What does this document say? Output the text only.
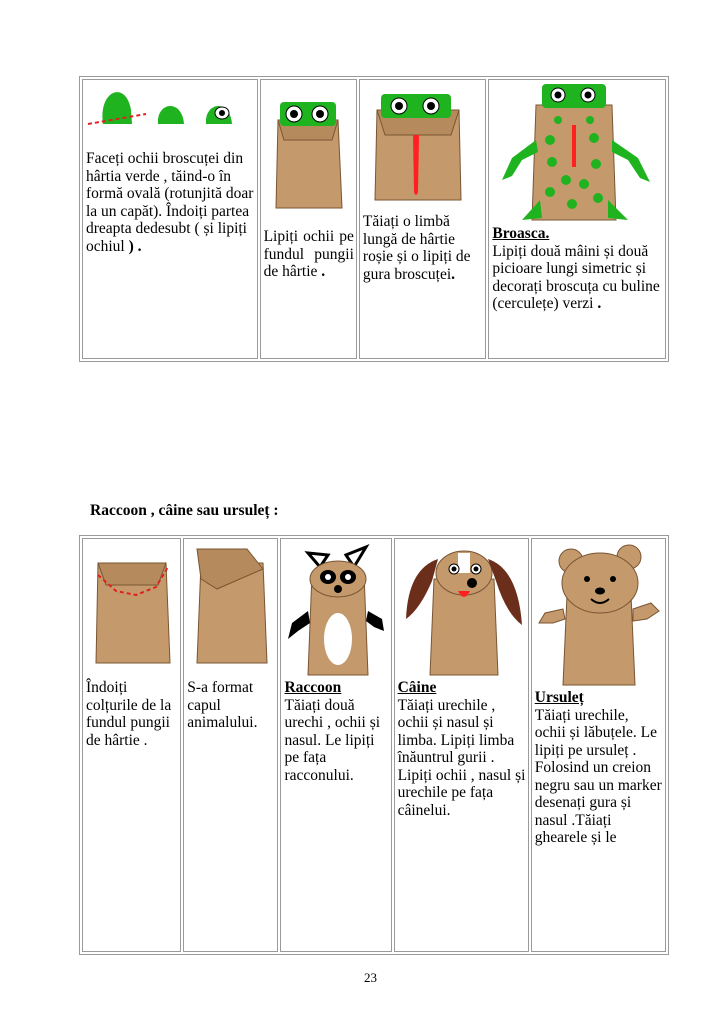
Faceți ochii broscuței din hârtia verde , tăind-o în formă ovală (rotunjită doar la un capăt). Îndoiți partea dreapta dedesubt ( și lipiți ochiul ) .

Lipiți ochii pe fundul pungii de hârtie .

Tăiați o limbă lungă de hârtie roșie și o lipiți de gura broscuței.

Broasca.
Lipiți două mâini și două picioare lungi simetric și decorați broscuța cu buline (cerculețe) verzi .
Raccoon , câine sau ursuleț :
Îndoiți colțurile de la fundul pungii de hârtie .

S-a format capul animalului.

Raccoon
Tăiați două urechi , ochii și nasul. Le lipiți pe fața racconului.

Câine
Tăiați urechile , ochii și nasul și limba. Lipiți limba înăuntrul gurii . Lipiți ochii , nasul și urechile pe fața câinelui.

Ursuleț
Tăiați urechile, ochii și lăbuțele. Le lipiți pe ursuleț . Folosind un creion negru sau un marker desenați gura și nasul .Tăiați ghearele și le
23
